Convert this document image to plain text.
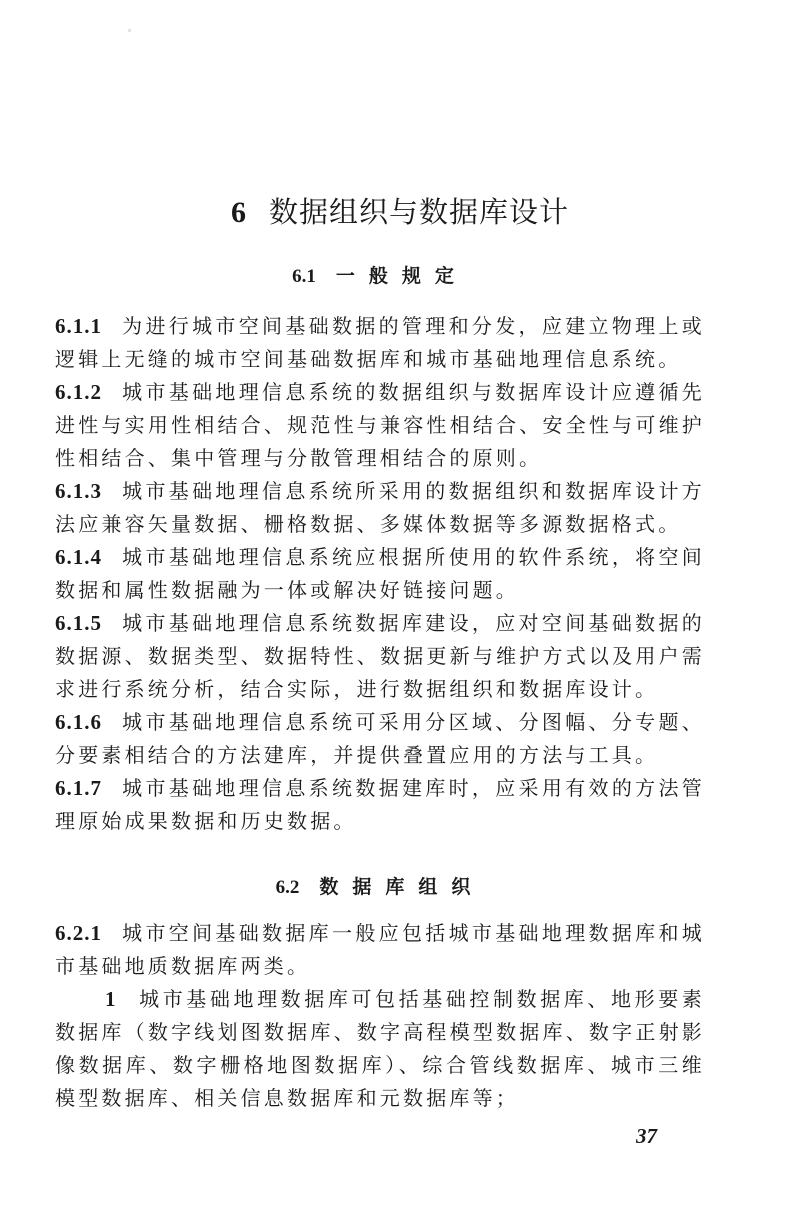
6 数据组织与数据库设计
6.1 一般规定

6.1.1 为进行城市空间基础数据的管理和分发，应建立物理上或逻辑上无缝的城市空间基础数据库和城市基础地理信息系统。

6.1.2 城市基础地理信息系统的数据组织与数据库设计应遵循先进性与实用性相结合、规范性与兼容性相结合、安全性与可维护性相结合、集中管理与分散管理相结合的原则。

6.1.3 城市基础地理信息系统所采用的数据组织和数据库设计方法应兼容矢量数据、栅格数据、多媒体数据等多源数据格式。

6.1.4 城市基础地理信息系统应根据所使用的软件系统，将空间数据和属性数据融为一体或解决好链接问题。

6.1.5 城市基础地理信息系统数据库建设，应对空间基础数据的数据源、数据类型、数据特性、数据更新与维护方式以及用户需求进行系统分析，结合实际，进行数据组织和数据库设计。

6.1.6 城市基础地理信息系统可采用分区域、分图幅、分专题、分要素相结合的方法建库，并提供叠置应用的方法与工具。

6.1.7 城市基础地理信息系统数据建库时，应采用有效的方法管理原始成果数据和历史数据。

6.2 数据库组织

6.2.1 城市空间基础数据库一般应包括城市基础地理数据库和城市基础地质数据库两类。

1 城市基础地理数据库可包括基础控制数据库、地形要素数据库（数字线划图数据库、数字高程模型数据库、数字正射影像数据库、数字栅格地图数据库）、综合管线数据库、城市三维模型数据库、相关信息数据库和元数据库等；

37
